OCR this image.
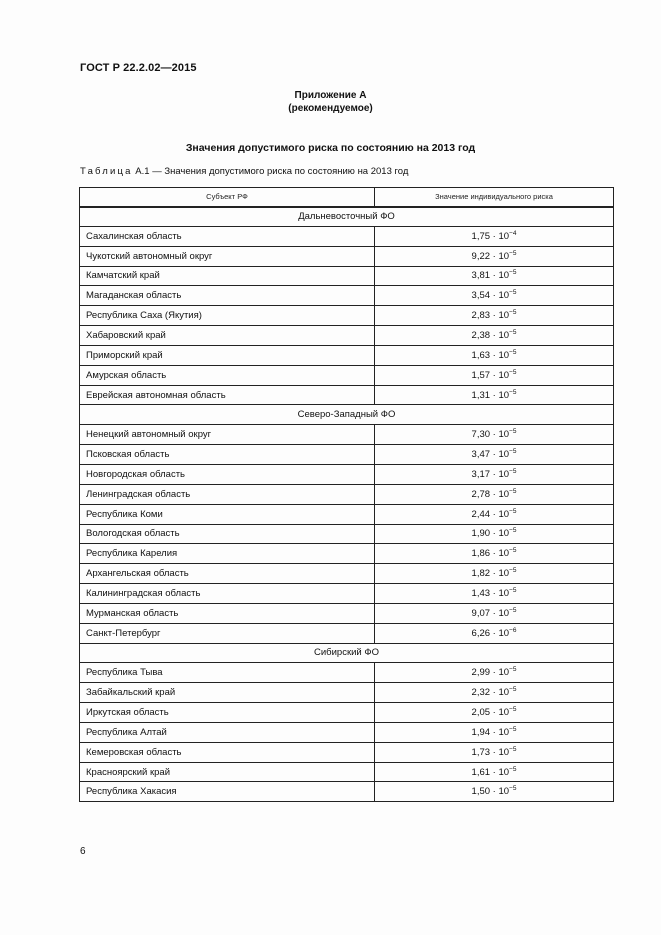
ГОСТ Р 22.2.02—2015
Приложение А
(рекомендуемое)
Значения допустимого риска по состоянию на 2013 год
Таблица А.1 — Значения допустимого риска по состоянию на 2013 год
Субъект РФ	Значение индивидуального риска
Дальневосточный ФО	
Сахалинская область	$1,75 \cdot 10^{-4}$
Чукотский автономный округ	$9,22 \cdot 10^{-5}$
Камчатский край	$3,81 \cdot 10^{-5}$
Магаданская область	$3,54 \cdot 10^{-5}$
Республика Саха (Якутия)	$2,83 \cdot 10^{-5}$
Хабаровский край	$2,38 \cdot 10^{-5}$
Приморский край	$1,63 \cdot 10^{-5}$
Амурская область	$1,57 \cdot 10^{-5}$
Еврейская автономная область	$1,31 \cdot 10^{-5}$
Северо-Западный ФО	
Ненецкий автономный округ	$7,30 \cdot 10^{-5}$
Псковская область	$3,47 \cdot 10^{-5}$
Новгородская область	$3,17 \cdot 10^{-5}$
Ленинградская область	$2,78 \cdot 10^{-5}$
Республика Коми	$2,44 \cdot 10^{-5}$
Вологодская область	$1,90 \cdot 10^{-5}$
Республика Карелия	$1,86 \cdot 10^{-5}$
Архангельская область	$1,82 \cdot 10^{-5}$
Калининградская область	$1,43 \cdot 10^{-5}$
Мурманская область	$9,07 \cdot 10^{-5}$
Санкт-Петербург	$6,26 \cdot 10^{-6}$
Сибирский ФО	
Республика Тыва	$2,99 \cdot 10^{-5}$
Забайкальский край	$2,32 \cdot 10^{-5}$
Иркутская область	$2,05 \cdot 10^{-5}$
Республика Алтай	$1,94 \cdot 10^{-5}$
Кемеровская область	$1,73 \cdot 10^{-5}$
Красноярский край	$1,61 \cdot 10^{-5}$
Республика Хакасия	$1,50 \cdot 10^{-5}$
6
